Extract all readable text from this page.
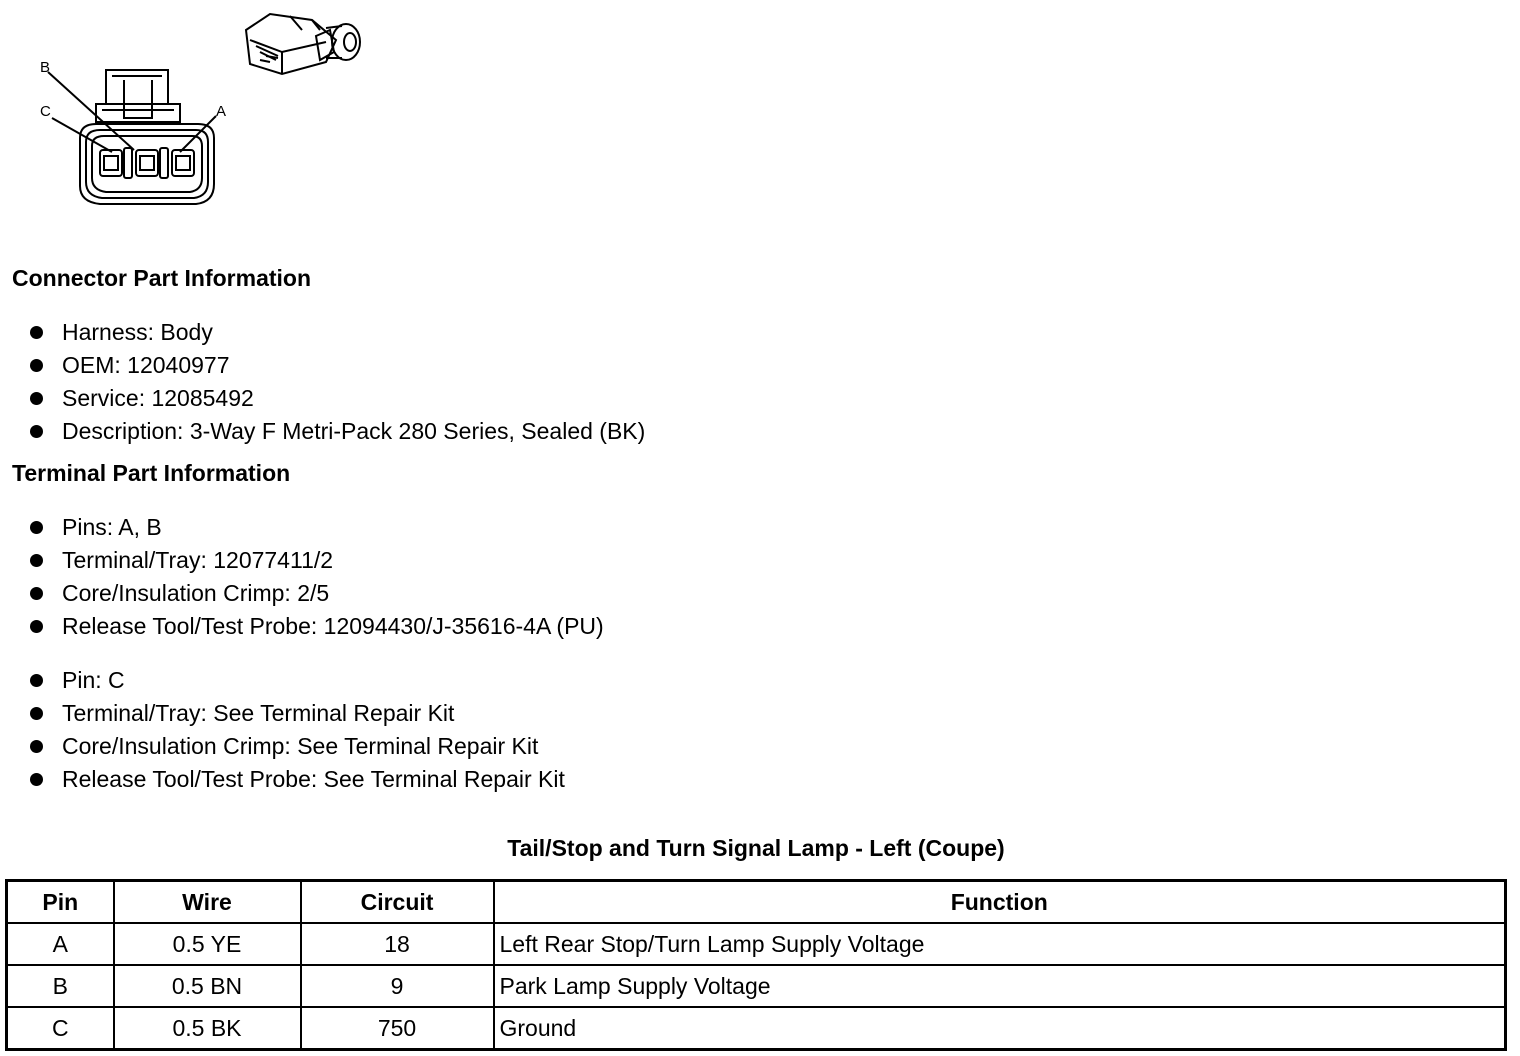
B
C	A
Connector Part Information
Harness: Body
OEM: 12040977
Service: 12085492
Description: 3-Way F Metri-Pack 280 Series, Sealed (BK)
Terminal Part Information
Pins: A, B
Terminal/Tray: 12077411/2
Core/Insulation Crimp: 2/5
Release Tool/Test Probe: 12094430/J-35616-4A (PU)
Pin: C
Terminal/Tray: See Terminal Repair Kit
Core/Insulation Crimp: See Terminal Repair Kit
Release Tool/Test Probe: See Terminal Repair Kit
Tail/Stop and Turn Signal Lamp - Left (Coupe)
Pin	Wire	Circuit	Function
A	0.5 YE	18	Left Rear Stop/Turn Lamp Supply Voltage
B	0.5 BN	9	Park Lamp Supply Voltage
C	0.5 BK	750	Ground
